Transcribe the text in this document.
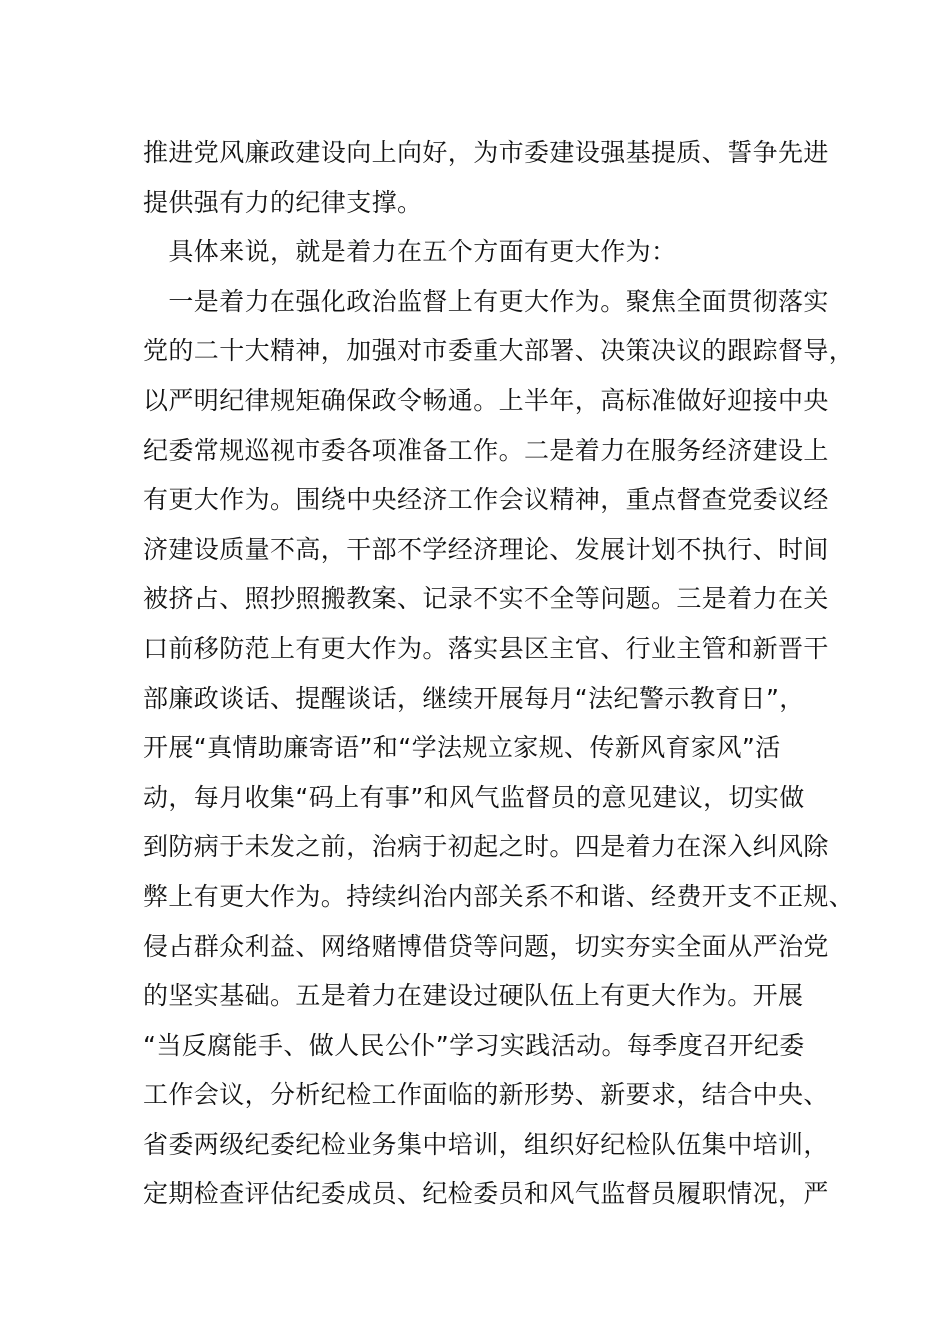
推进党风廉政建设向上向好，为市委建设强基提质、誓争先进
提供强有力的纪律支撑。
　具体来说，就是着力在五个方面有更大作为：
　一是着力在强化政治监督上有更大作为。聚焦全面贯彻落实
党的二十大精神，加强对市委重大部署、决策决议的跟踪督导，
以严明纪律规矩确保政令畅通。上半年，高标准做好迎接中央
纪委常规巡视市委各项准备工作。二是着力在服务经济建设上
有更大作为。围绕中央经济工作会议精神，重点督查党委议经
济建设质量不高，干部不学经济理论、发展计划不执行、时间
被挤占、照抄照搬教案、记录不实不全等问题。三是着力在关
口前移防范上有更大作为。落实县区主官、行业主管和新晋干
部廉政谈话、提醒谈话，继续开展每月“法纪警示教育日”，
开展“真情助廉寄语”和“学法规立家规、传新风育家风”活
动，每月收集“码上有事”和风气监督员的意见建议，切实做
到防病于未发之前，治病于初起之时。四是着力在深入纠风除
弊上有更大作为。持续纠治内部关系不和谐、经费开支不正规、
侵占群众利益、网络赌博借贷等问题，切实夯实全面从严治党
的坚实基础。五是着力在建设过硬队伍上有更大作为。开展
“当反腐能手、做人民公仆”学习实践活动。每季度召开纪委
工作会议，分析纪检工作面临的新形势、新要求，结合中央、
省委两级纪委纪检业务集中培训，组织好纪检队伍集中培训，
定期检查评估纪委成员、纪检委员和风气监督员履职情况，严
